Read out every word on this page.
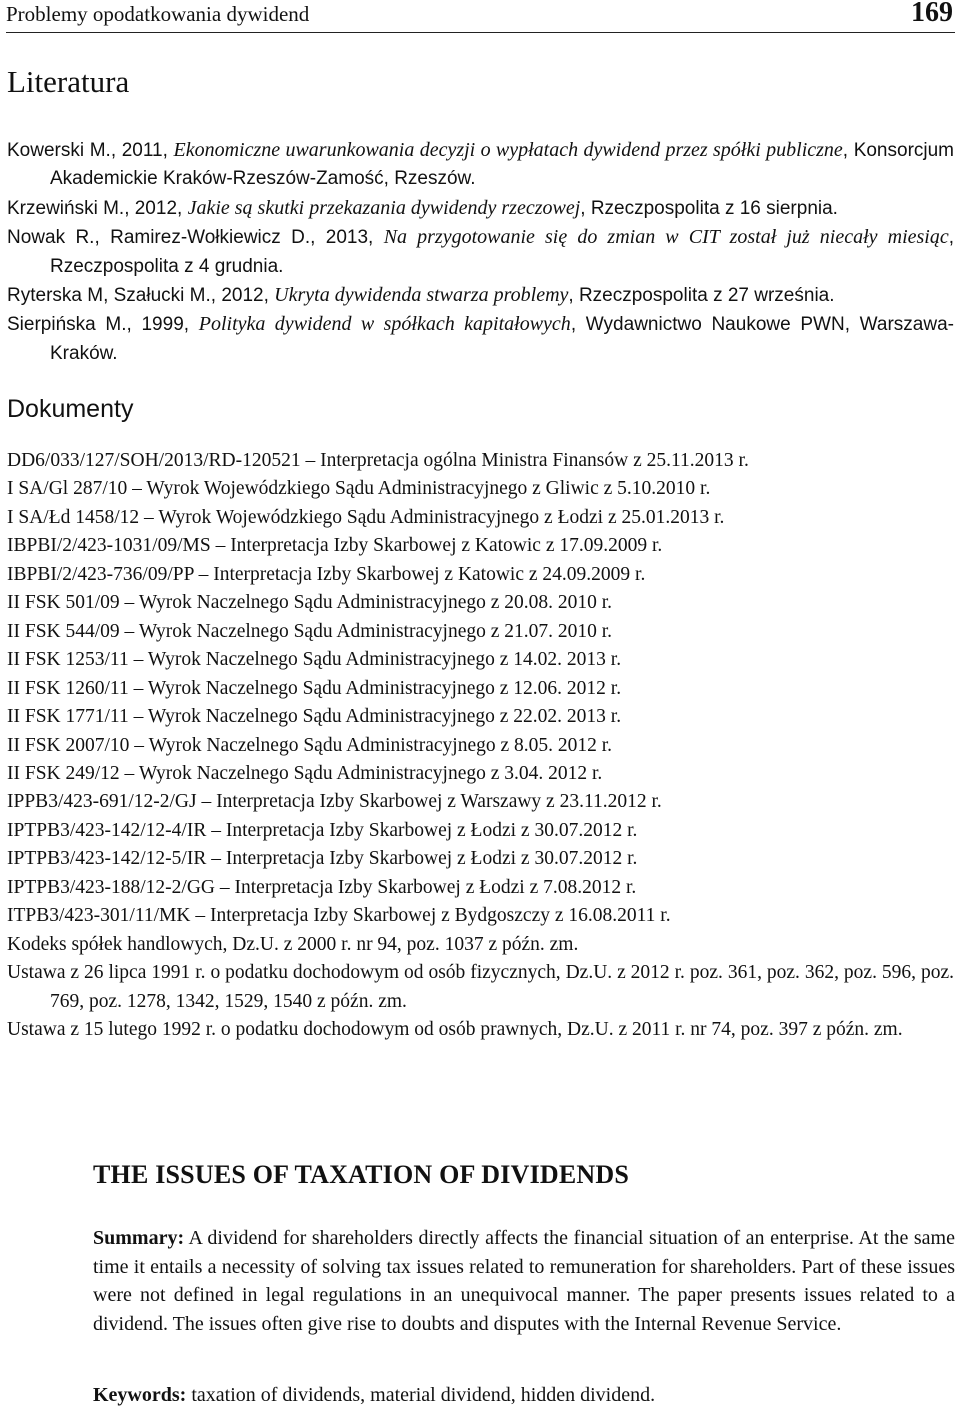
Problemy opodatkowania dywidend	169
Literatura
Kowerski M., 2011, Ekonomiczne uwarunkowania decyzji o wypłatach dywidend przez spółki publiczne, Konsorcjum Akademickie Kraków-Rzeszów-Zamość, Rzeszów.
Krzewiński M., 2012, Jakie są skutki przekazania dywidendy rzeczowej, Rzeczpospolita z 16 sierpnia.
Nowak R., Ramirez-Wołkiewicz D., 2013, Na przygotowanie się do zmian w CIT został już niecały miesiąc, Rzeczpospolita z 4 grudnia.
Ryterska M, Szałucki M., 2012, Ukryta dywidenda stwarza problemy, Rzeczpospolita z 27 września.
Sierpińska M., 1999, Polityka dywidend w spółkach kapitałowych, Wydawnictwo Naukowe PWN, Warszawa-Kraków.
Dokumenty
DD6/033/127/SOH/2013/RD-120521 – Interpretacja ogólna Ministra Finansów z 25.11.2013 r.
I SA/Gl 287/10 – Wyrok Wojewódzkiego Sądu Administracyjnego z Gliwic z 5.10.2010 r.
I SA/Łd 1458/12 – Wyrok Wojewódzkiego Sądu Administracyjnego z Łodzi z 25.01.2013 r.
IBPBI/2/423-1031/09/MS – Interpretacja Izby Skarbowej z Katowic z 17.09.2009 r.
IBPBI/2/423-736/09/PP – Interpretacja Izby Skarbowej z Katowic z 24.09.2009 r.
II FSK 501/09 – Wyrok Naczelnego Sądu Administracyjnego z 20.08. 2010 r.
II FSK 544/09 – Wyrok Naczelnego Sądu Administracyjnego z 21.07. 2010 r.
II FSK 1253/11 – Wyrok Naczelnego Sądu Administracyjnego z 14.02. 2013 r.
II FSK 1260/11 – Wyrok Naczelnego Sądu Administracyjnego z 12.06. 2012 r.
II FSK 1771/11 – Wyrok Naczelnego Sądu Administracyjnego z 22.02. 2013 r.
II FSK 2007/10 – Wyrok Naczelnego Sądu Administracyjnego z 8.05. 2012 r.
II FSK 249/12 – Wyrok Naczelnego Sądu Administracyjnego z 3.04. 2012 r.
IPPB3/423-691/12-2/GJ – Interpretacja Izby Skarbowej z Warszawy z 23.11.2012 r.
IPTPB3/423-142/12-4/IR – Interpretacja Izby Skarbowej z Łodzi z 30.07.2012 r.
IPTPB3/423-142/12-5/IR – Interpretacja Izby Skarbowej z Łodzi z 30.07.2012 r.
IPTPB3/423-188/12-2/GG – Interpretacja Izby Skarbowej z Łodzi z 7.08.2012 r.
ITPB3/423-301/11/MK – Interpretacja Izby Skarbowej z Bydgoszczy z 16.08.2011 r.
Kodeks spółek handlowych, Dz.U. z 2000 r. nr 94, poz. 1037 z późn. zm.
Ustawa z 26 lipca 1991 r. o podatku dochodowym od osób fizycznych, Dz.U. z 2012 r. poz. 361, poz. 362, poz. 596, poz. 769, poz. 1278, 1342, 1529, 1540 z późn. zm.
Ustawa z 15 lutego 1992 r. o podatku dochodowym od osób prawnych, Dz.U. z 2011 r. nr 74, poz. 397 z późn. zm.
THE ISSUES OF TAXATION OF DIVIDENDS

Summary: A dividend for shareholders directly affects the financial situation of an enterprise. At the same time it entails a necessity of solving tax issues related to remuneration for shareholders. Part of these issues were not defined in legal regulations in an unequivocal manner. The paper presents issues related to a dividend. The issues often give rise to doubts and disputes with the Internal Revenue Service.

Keywords: taxation of dividends, material dividend, hidden dividend.
